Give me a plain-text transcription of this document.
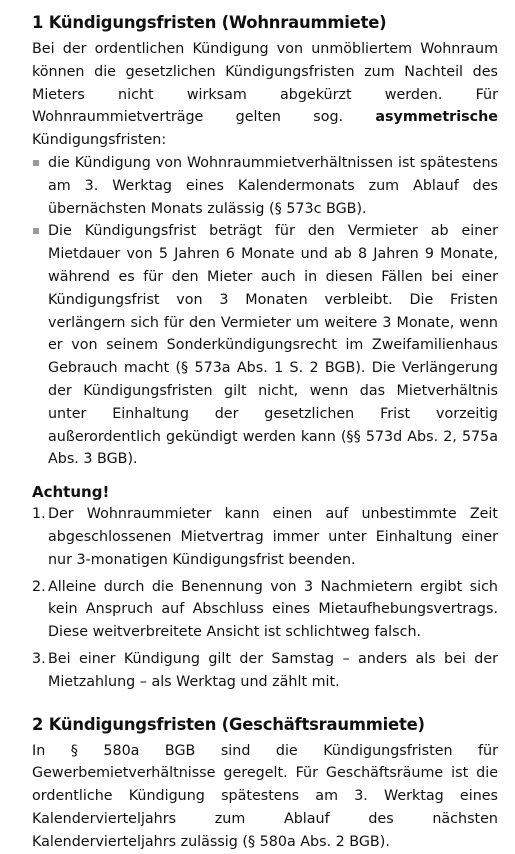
1 Kündigungsfristen (Wohnraummiete)

Bei der ordentlichen Kündigung von unmöbliertem Wohnraum können die gesetzlichen Kündigungsfristen zum Nachteil des Mieters nicht wirksam abgekürzt werden. Für Wohnraummietverträge gelten sog. asymmetrische Kündigungsfristen:

die Kündigung von Wohnraummietverhältnissen ist spätestens am 3. Werktag eines Kalendermonats zum Ablauf des übernächsten Monats zulässig (§ 573c BGB).
Die Kündigungsfrist beträgt für den Vermieter ab einer Mietdauer von 5 Jahren 6 Monate und ab 8 Jahren 9 Monate, während es für den Mieter auch in diesen Fällen bei einer Kündigungsfrist von 3 Monaten verbleibt. Die Fristen verlängern sich für den Vermieter um weitere 3 Monate, wenn er von seinem Sonderkündigungsrecht im Zweifamilienhaus Gebrauch macht (§ 573a Abs. 1 S. 2 BGB). Die Verlängerung der Kündigungsfristen gilt nicht, wenn das Mietverhältnis unter Einhaltung der gesetzlichen Frist vorzeitig außerordentlich gekündigt werden kann (§§ 573d Abs. 2, 575a Abs. 3 BGB).
Achtung!
1. Der Wohnraummieter kann einen auf unbestimmte Zeit abgeschlossenen Mietvertrag immer unter Einhaltung einer nur 3-monatigen Kündigungsfrist beenden.
2. Alleine durch die Benennung von 3 Nachmietern ergibt sich kein Anspruch auf Abschluss eines Mietaufhebungsvertrags. Diese weitverbreitete Ansicht ist schlichtweg falsch.
3. Bei einer Kündigung gilt der Samstag – anders als bei der Mietzahlung – als Werktag und zählt mit.
2 Kündigungsfristen (Geschäftsraummiete)

In § 580a BGB sind die Kündigungsfristen für Gewerbemietverhältnisse geregelt. Für Geschäftsräume ist die ordentliche Kündigung spätestens am 3. Werktag eines Kalendervierteljahrs zum Ablauf des nächsten Kalendervierteljahrs zulässig (§ 580a Abs. 2 BGB).
